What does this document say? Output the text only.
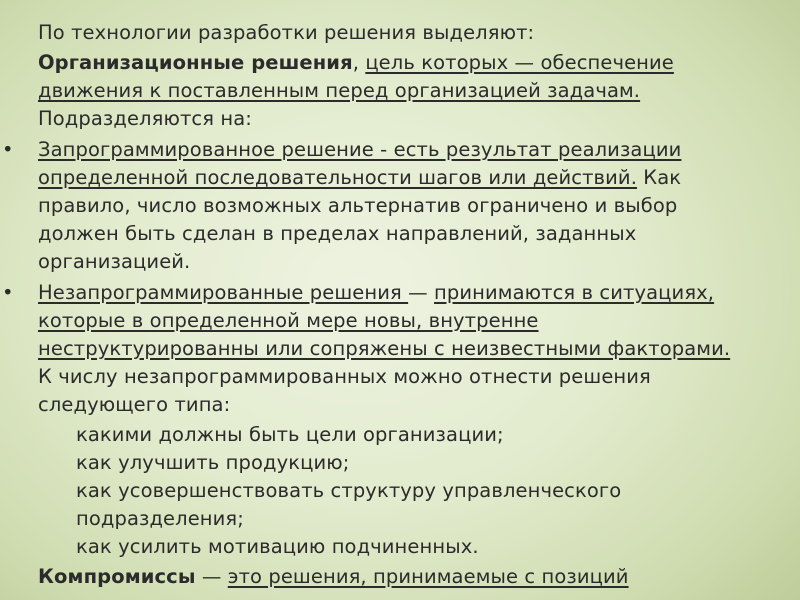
По технологии разработки решения выделяют:
Организационные решения, цель которых — обеспечение
движения к поставленным перед организацией задачам.
Подразделяются на:
• Запрограммированное решение - есть результат реализации
определенной последовательности шагов или действий. Как
правило, число возможных альтернатив ограничено и выбор
должен быть сделан в пределах направлений, заданных
организацией.
• Незапрограммированные решения — принимаются в ситуациях,
которые в определенной мере новы, внутренне
неструктурированны или сопряжены с неизвестными факторами.
К числу незапрограммированных можно отнести решения
следующего типа:
какими должны быть цели организации;
как улучшить продукцию;
как усовершенствовать структуру управленческого
подразделения;
как усилить мотивацию подчиненных.
Компромиссы — это решения, принимаемые с позиций
